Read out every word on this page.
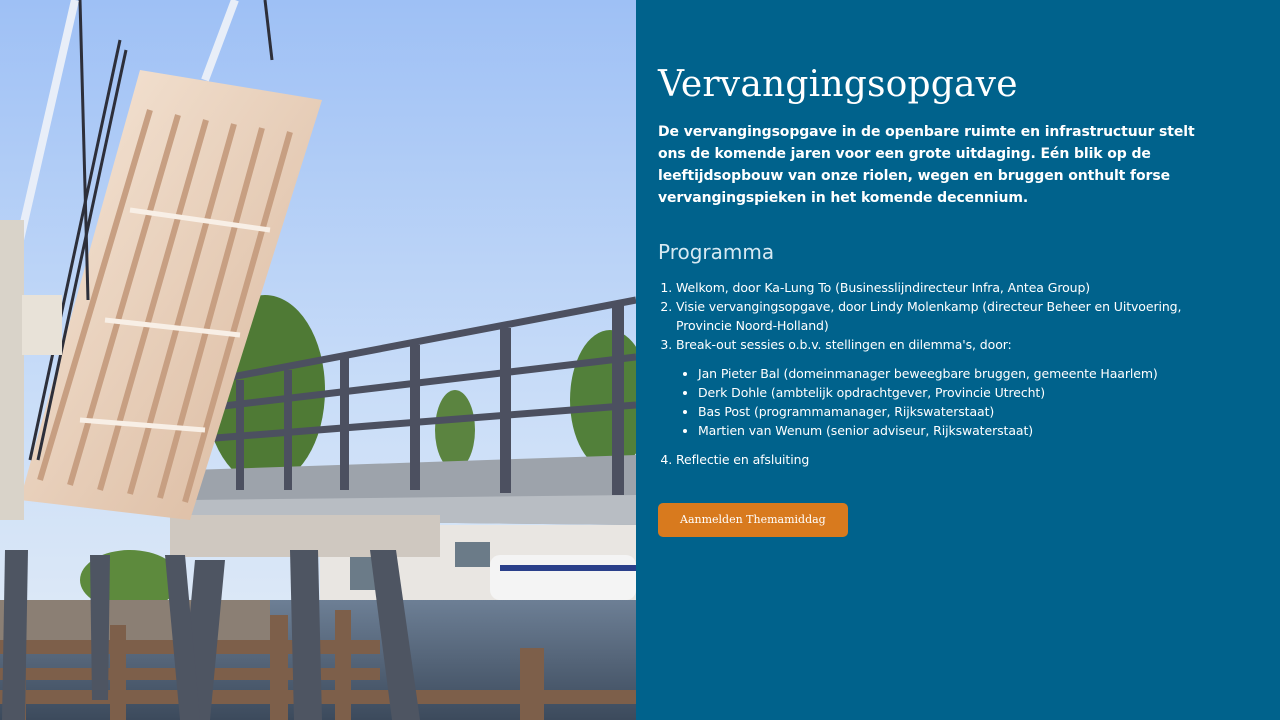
Vervangingsopgave

De vervangingsopgave in de openbare ruimte en infrastructuur stelt ons de komende jaren voor een grote uitdaging. Eén blik op de leeftijdsopbouw van onze riolen, wegen en bruggen onthult forse vervangingspieken in het komende decennium.

Programma
1. Welkom, door Ka-Lung To (Businesslijndirecteur Infra, Antea Group)
2. Visie vervangingsopgave, door Lindy Molenkamp (directeur Beheer en Uitvoering, Provincie Noord-Holland)
3. Break-out sessies o.b.v. stellingen en dilemma's, door:
• Jan Pieter Bal (domeinmanager beweegbare bruggen, gemeente Haarlem)
• Derk Dohle (ambtelijk opdrachtgever, Provincie Utrecht)
• Bas Post (programmamanager, Rijkswaterstaat)
• Martien van Wenum (senior adviseur, Rijkswaterstaat)
4. Reflectie en afsluiting
Aanmelden Themamiddag
